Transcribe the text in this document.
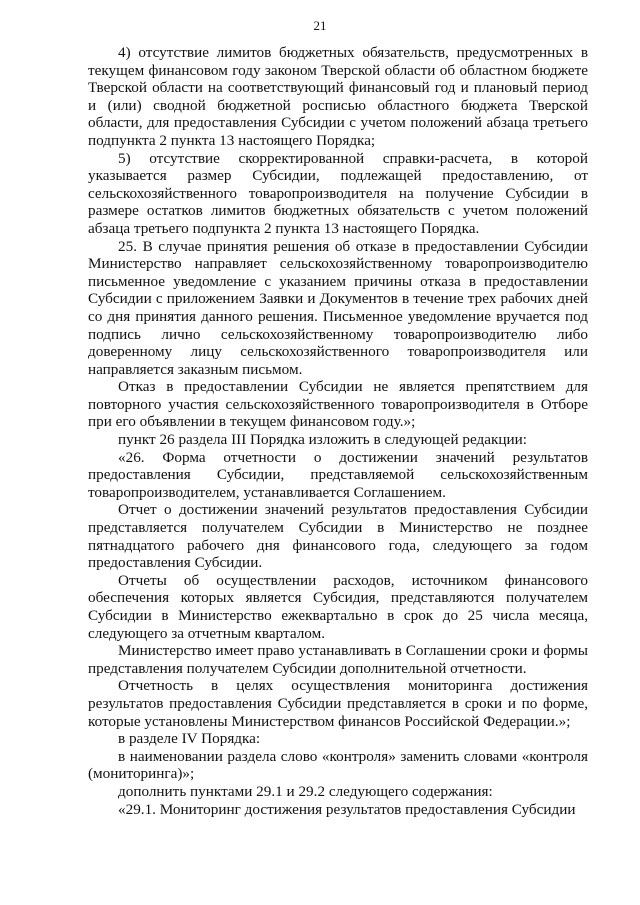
21

4) отсутствие лимитов бюджетных обязательств, предусмотренных в текущем финансовом году законом Тверской области об областном бюджете Тверской области на соответствующий финансовый год и плановый период и (или) сводной бюджетной росписью областного бюджета Тверской области, для предоставления Субсидии с учетом положений абзаца третьего подпункта 2 пункта 13 настоящего Порядка;

5) отсутствие скорректированной справки-расчета, в которой указывается размер Субсидии, подлежащей предоставлению, от сельскохозяйственного товаропроизводителя на получение Субсидии в размере остатков лимитов бюджетных обязательств с учетом положений абзаца третьего подпункта 2 пункта 13 настоящего Порядка.

25. В случае принятия решения об отказе в предоставлении Субсидии Министерство направляет сельскохозяйственному товаропроизводителю письменное уведомление с указанием причины отказа в предоставлении Субсидии с приложением Заявки и Документов в течение трех рабочих дней со дня принятия данного решения. Письменное уведомление вручается под подпись лично сельскохозяйственному товаропроизводителю либо доверенному лицу сельскохозяйственного товаропроизводителя или направляется заказным письмом.

Отказ в предоставлении Субсидии не является препятствием для повторного участия сельскохозяйственного товаропроизводителя в Отборе при его объявлении в текущем финансовом году.»;

пункт 26 раздела III Порядка изложить в следующей редакции:

«26. Форма отчетности о достижении значений результатов предоставления Субсидии, представляемой сельскохозяйственным товаропроизводителем, устанавливается Соглашением.

Отчет о достижении значений результатов предоставления Субсидии представляется получателем Субсидии в Министерство не позднее пятнадцатого рабочего дня финансового года, следующего за годом предоставления Субсидии.

Отчеты об осуществлении расходов, источником финансового обеспечения которых является Субсидия, представляются получателем Субсидии в Министерство ежеквартально в срок до 25 числа месяца, следующего за отчетным кварталом.

Министерство имеет право устанавливать в Соглашении сроки и формы представления получателем Субсидии дополнительной отчетности.

Отчетность в целях осуществления мониторинга достижения результатов предоставления Субсидии представляется в сроки и по форме, которые установлены Министерством финансов Российской Федерации.»;

в разделе IV Порядка:

в наименовании раздела слово «контроля» заменить словами «контроля (мониторинга)»;

дополнить пунктами 29.1 и 29.2 следующего содержания:

«29.1. Мониторинг достижения результатов предоставления Субсидии
